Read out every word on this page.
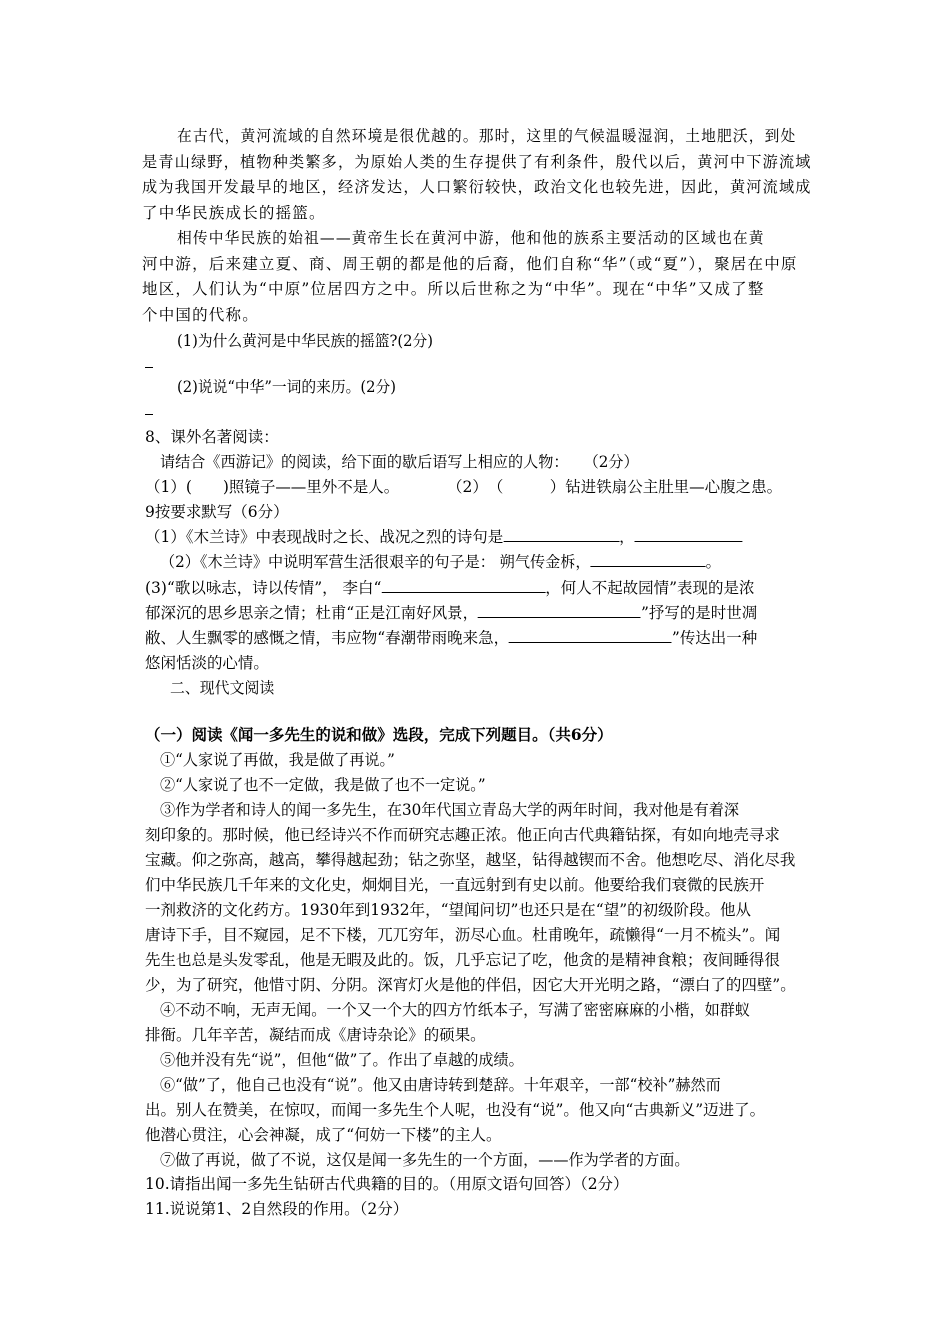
在古代，黄河流域的自然环境是很优越的。那时，这里的气候温暖湿润，土地肥沃，到处
是青山绿野，植物种类繁多，为原始人类的生存提供了有利条件，殷代以后，黄河中下游流域
成为我国开发最早的地区，经济发达，人口繁衍较快，政治文化也较先进，因此，黄河流域成
了中华民族成长的摇篮。
相传中华民族的始祖——黄帝生长在黄河中游，他和他的族系主要活动的区域也在黄
河中游，后来建立夏、商、周王朝的都是他的后裔，他们自称“华”（或“夏”），聚居在中原
地区，人们认为“中原”位居四方之中。所以后世称之为“中华”。现在“中华”又成了整
个中国的代称。
(1)为什么黄河是中华民族的摇篮?(2分)
(2)说说“中华”一词的来历。(2分)
8、课外名著阅读：
请结合《西游记》的阅读，给下面的歇后语写上相应的人物：　　（2分）
（1）(　　)照镜子——里外不是人。	（2）　（　　　）钻进铁扇公主肚里—心腹之患。
9按要求默写（6分）
（1）《木兰诗》中表现战时之长、战况之烈的诗句是	，
（2）《木兰诗》中说明军营生活很艰辛的句子是： 朔气传金柝，	。
(3)“歌以咏志，诗以传情”， 李白“	，何人不起故园情”表现的是浓
郁深沉的思乡思亲之情；杜甫“正是江南好风景，	”抒写的是时世凋
敝、人生飘零的感慨之情，韦应物“春潮带雨晚来急，	”传达出一种
悠闲恬淡的心情。
二、现代文阅读
（一）阅读《闻一多先生的说和做》选段，完成下列题目。（共6分）
①“人家说了再做，我是做了再说。”
②“人家说了也不一定做，我是做了也不一定说。”
③作为学者和诗人的闻一多先生，在30年代国立青岛大学的两年时间，我对他是有着深
刻印象的。那时候，他已经诗兴不作而研究志趣正浓。他正向古代典籍钻探，有如向地壳寻求
宝藏。仰之弥高，越高，攀得越起劲；钻之弥坚，越坚，钻得越锲而不舍。他想吃尽、消化尽我
们中华民族几千年来的文化史，炯炯目光，一直远射到有史以前。他要给我们衰微的民族开
一剂救济的文化药方。1930年到1932年，“望闻问切”也还只是在“望”的初级阶段。他从
唐诗下手，目不窥园，足不下楼，兀兀穷年，沥尽心血。杜甫晚年，疏懒得“一月不梳头”。闻
先生也总是头发零乱，他是无暇及此的。饭，几乎忘记了吃，他贪的是精神食粮；夜间睡得很
少，为了研究，他惜寸阴、分阴。深宵灯火是他的伴侣，因它大开光明之路，“漂白了的四壁”。
④不动不响，无声无闻。一个又一个大的四方竹纸本子，写满了密密麻麻的小楷，如群蚁
排衙。几年辛苦，凝结而成《唐诗杂论》的硕果。
⑤他并没有先“说”，但他“做”了。作出了卓越的成绩。
⑥“做”了，他自己也没有“说”。他又由唐诗转到楚辞。十年艰辛，一部“校补”赫然而
出。别人在赞美，在惊叹，而闻一多先生个人呢，也没有“说”。他又向“古典新义”迈进了。
他潜心贯注，心会神凝，成了“何妨一下楼”的主人。
⑦做了再说，做了不说，这仅是闻一多先生的一个方面，——作为学者的方面。
10.请指出闻一多先生钻研古代典籍的目的。（用原文语句回答）（2分）
11.说说第1、2自然段的作用。（2分）
